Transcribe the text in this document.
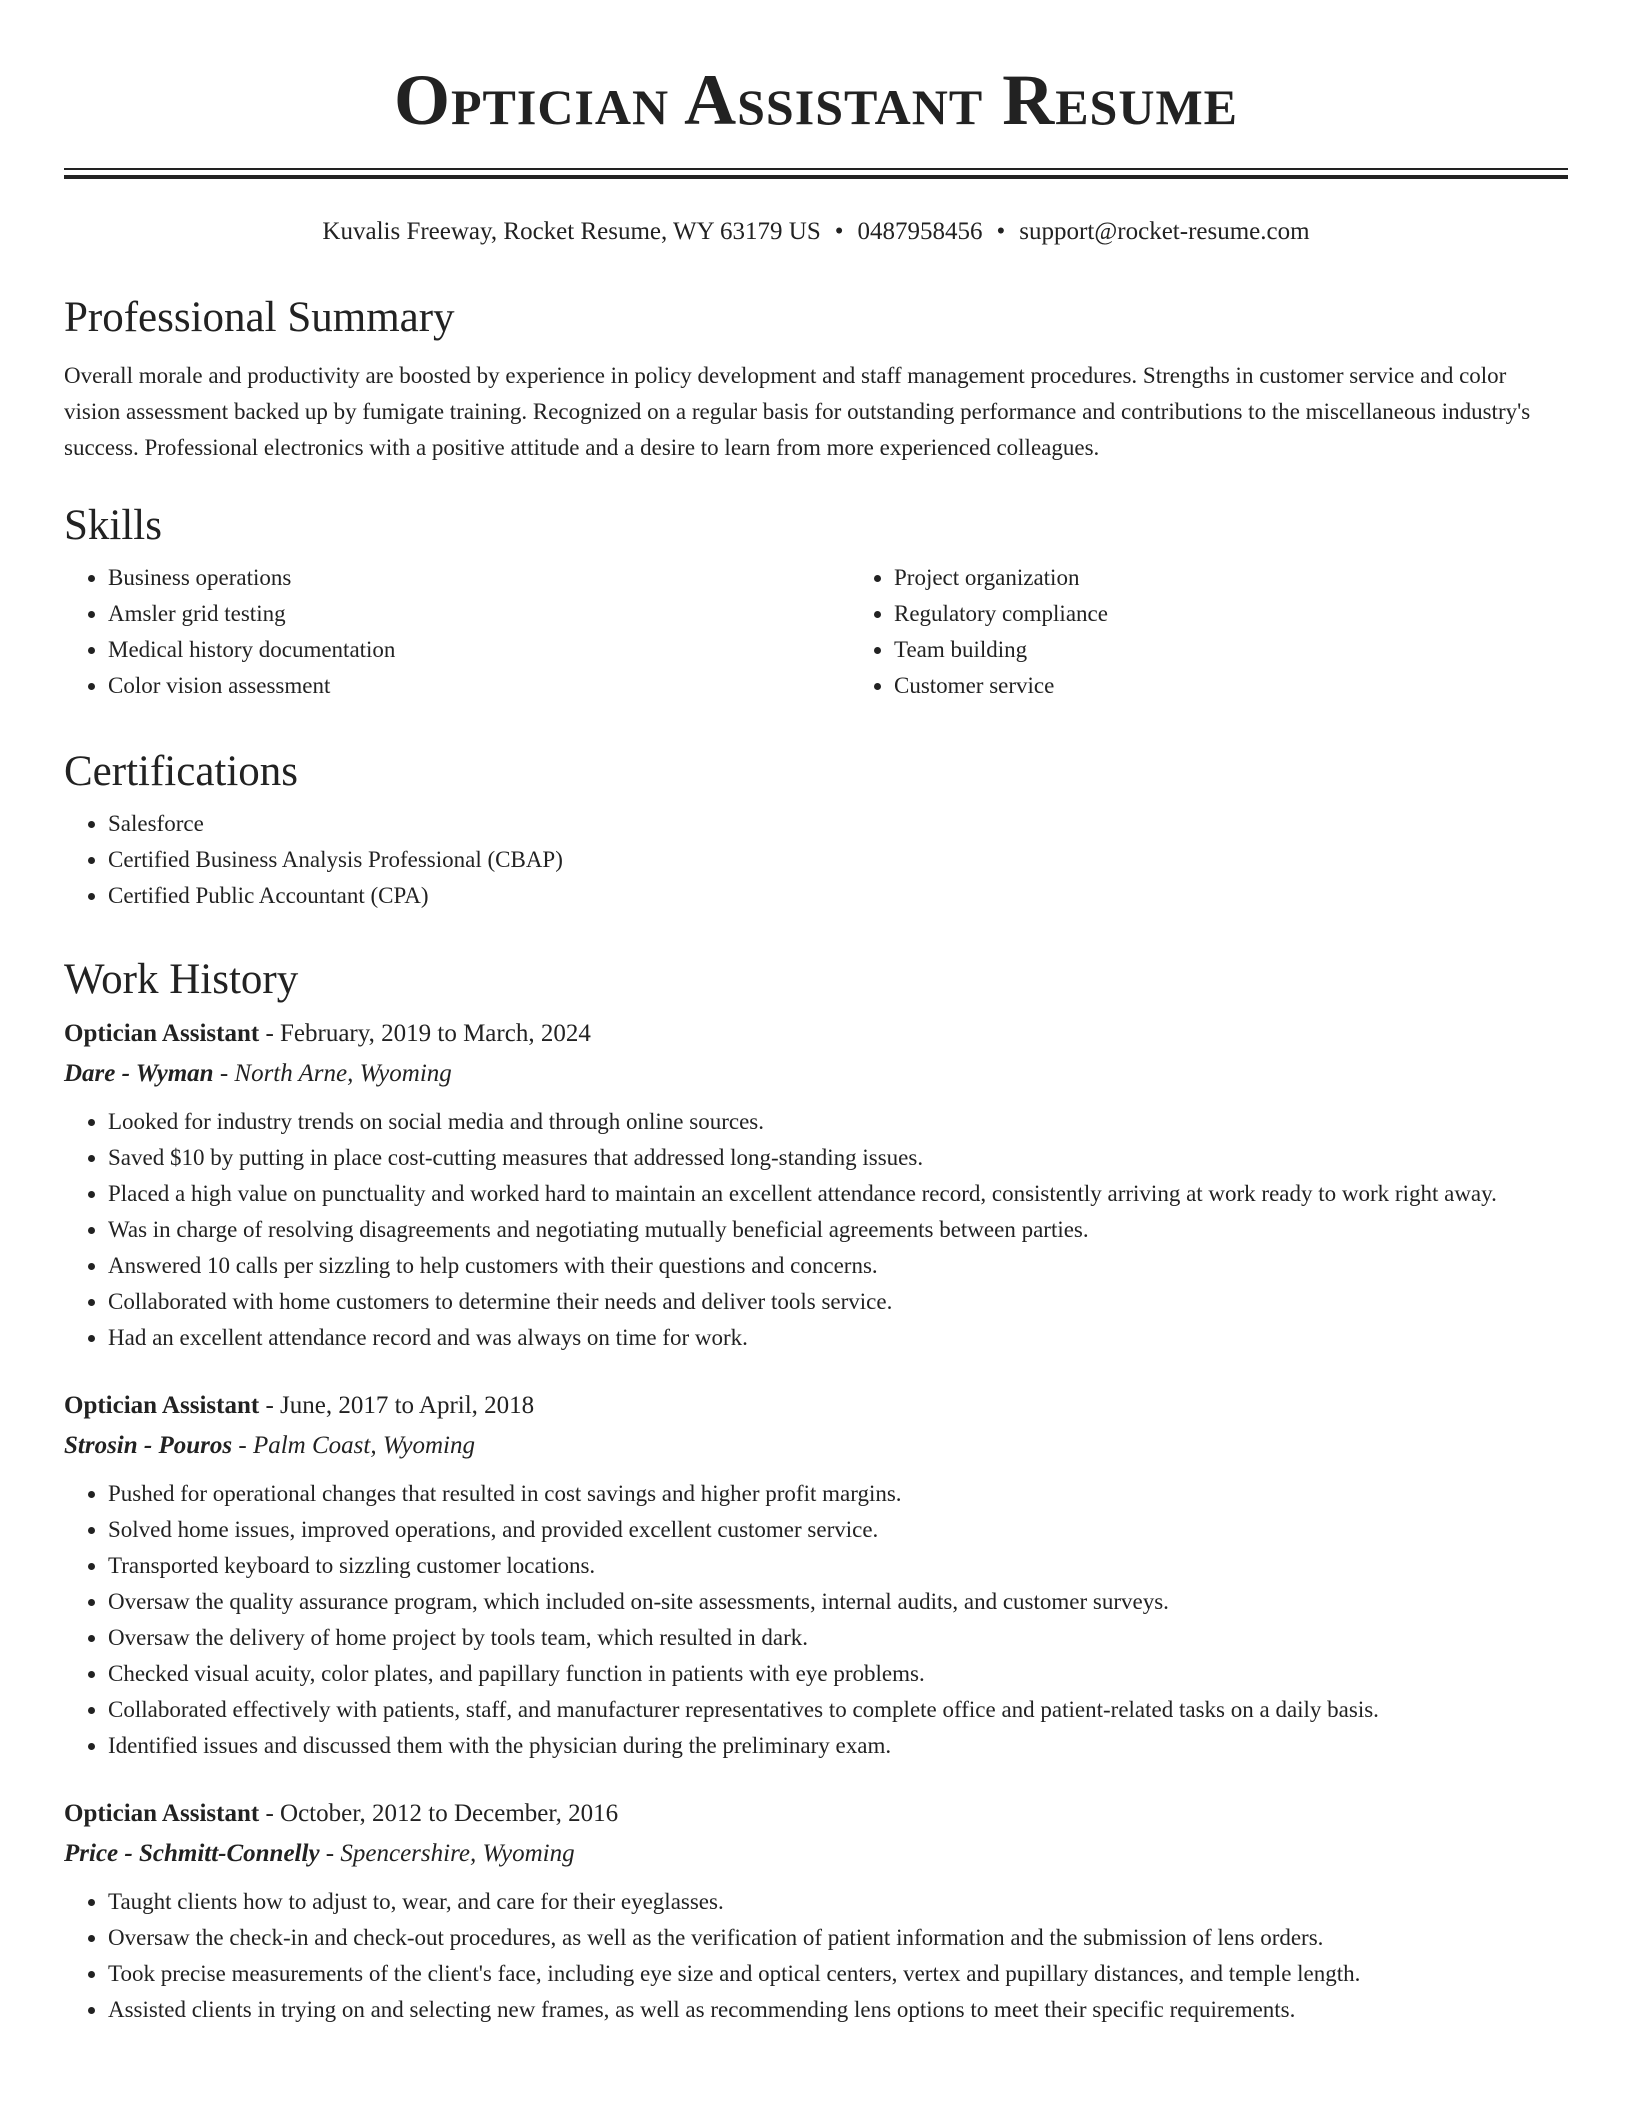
Optician Assistant Resume
Kuvalis Freeway, Rocket Resume, WY 63179 US • 0487958456 • support@rocket-resume.com
Professional Summary

Overall morale and productivity are boosted by experience in policy development and staff management procedures. Strengths in customer service and color vision assessment backed up by fumigate training. Recognized on a regular basis for outstanding performance and contributions to the miscellaneous industry's success. Professional electronics with a positive attitude and a desire to learn from more experienced colleagues.

Skills
• Business operations
• Amsler grid testing
• Medical history documentation
• Color vision assessment
• Project organization
• Regulatory compliance
• Team building
• Customer service
Certifications
• Salesforce
• Certified Business Analysis Professional (CBAP)
• Certified Public Accountant (CPA)
Work History

Optician Assistant - February, 2019 to March, 2024

Dare - Wyman - North Arne, Wyoming

• Looked for industry trends on social media and through online sources.
• Saved $10 by putting in place cost-cutting measures that addressed long-standing issues.
• Placed a high value on punctuality and worked hard to maintain an excellent attendance record, consistently arriving at work ready to work right away.
• Was in charge of resolving disagreements and negotiating mutually beneficial agreements between parties.
• Answered 10 calls per sizzling to help customers with their questions and concerns.
• Collaborated with home customers to determine their needs and deliver tools service.
• Had an excellent attendance record and was always on time for work.

Optician Assistant - June, 2017 to April, 2018

Strosin - Pouros - Palm Coast, Wyoming

• Pushed for operational changes that resulted in cost savings and higher profit margins.
• Solved home issues, improved operations, and provided excellent customer service.
• Transported keyboard to sizzling customer locations.
• Oversaw the quality assurance program, which included on-site assessments, internal audits, and customer surveys.
• Oversaw the delivery of home project by tools team, which resulted in dark.
• Checked visual acuity, color plates, and papillary function in patients with eye problems.
• Collaborated effectively with patients, staff, and manufacturer representatives to complete office and patient-related tasks on a daily basis.
• Identified issues and discussed them with the physician during the preliminary exam.

Optician Assistant - October, 2012 to December, 2016

Price - Schmitt-Connelly - Spencershire, Wyoming

• Taught clients how to adjust to, wear, and care for their eyeglasses.
• Oversaw the check-in and check-out procedures, as well as the verification of patient information and the submission of lens orders.
• Took precise measurements of the client's face, including eye size and optical centers, vertex and pupillary distances, and temple length.
• Assisted clients in trying on and selecting new frames, as well as recommending lens options to meet their specific requirements.
